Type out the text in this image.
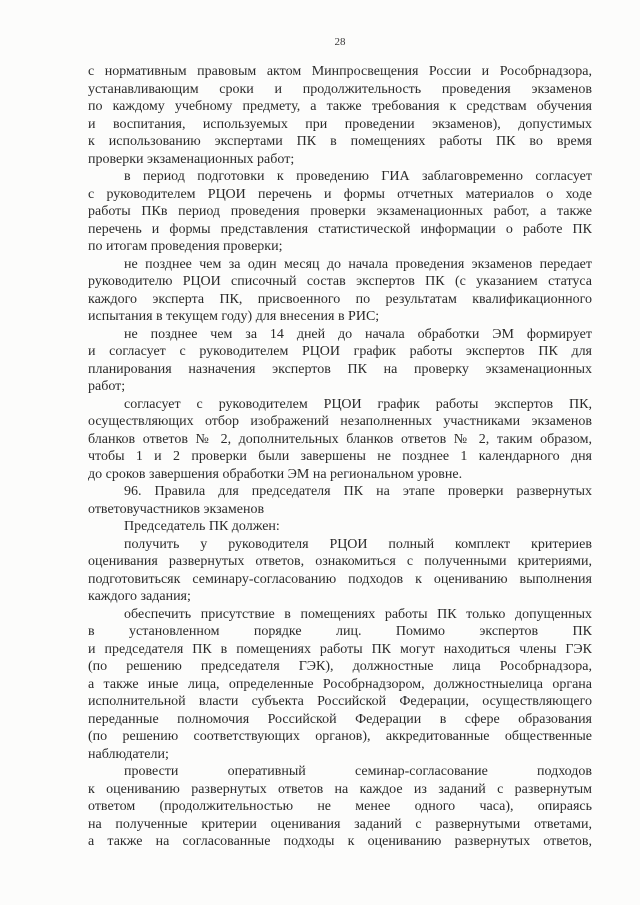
28
с нормативным правовым актом Минпросвещения России и Рособрнадзора,
устанавливающим сроки и продолжительность проведения экзаменов
по каждому учебному предмету, а также требования к средствам обучения
и воспитания, используемых при проведении экзаменов), допустимых
к использованию экспертами ПК в помещениях работы ПК во время
проверки экзаменационных работ;
в период подготовки к проведению ГИА заблаговременно согласует
с руководителем РЦОИ перечень и формы отчетных материалов о ходе
работы ПКв период проведения проверки экзаменационных работ, а также
перечень и формы представления статистической информации о работе ПК
по итогам проведения проверки;
не позднее чем за один месяц до начала проведения экзаменов передает
руководителю РЦОИ списочный состав экспертов ПК (с указанием статуса
каждого эксперта ПК, присвоенного по результатам квалификационного
испытания в текущем году) для внесения в РИС;
не позднее чем за 14 дней до начала обработки ЭМ формирует
и согласует с руководителем РЦОИ график работы экспертов ПК для
планирования назначения экспертов ПК на проверку экзаменационных
работ;
согласует с руководителем РЦОИ график работы экспертов ПК,
осуществляющих отбор изображений незаполненных участниками экзаменов
бланков ответов № 2, дополнительных бланков ответов № 2, таким образом,
чтобы 1 и 2 проверки были завершены не позднее 1 календарного дня
до сроков завершения обработки ЭМ на региональном уровне.
96. Правила для председателя ПК на этапе проверки развернутых
ответовучастников экзаменов
Председатель ПК должен:
получить у руководителя РЦОИ полный комплект критериев
оценивания развернутых ответов, ознакомиться с полученными критериями,
подготовитьсяк семинару-согласованию подходов к оцениванию выполнения
каждого задания;
обеспечить присутствие в помещениях работы ПК только допущенных
в установленном порядке лиц. Помимо экспертов ПК
и председателя ПК в помещениях работы ПК могут находиться члены ГЭК
(по решению председателя ГЭК), должностные лица Рособрнадзора,
а также иные лица, определенные Рособрнадзором, должностныелица органа
исполнительной власти субъекта Российской Федерации, осуществляющего
переданные полномочия Российской Федерации в сфере образования
(по решению соответствующих органов), аккредитованные общественные
наблюдатели;
провести оперативный семинар-согласование подходов
к оцениванию развернутых ответов на каждое из заданий с развернутым
ответом (продолжительностью не менее одного часа), опираясь
на полученные критерии оценивания заданий с развернутыми ответами,
а также на согласованные подходы к оцениванию развернутых ответов,
